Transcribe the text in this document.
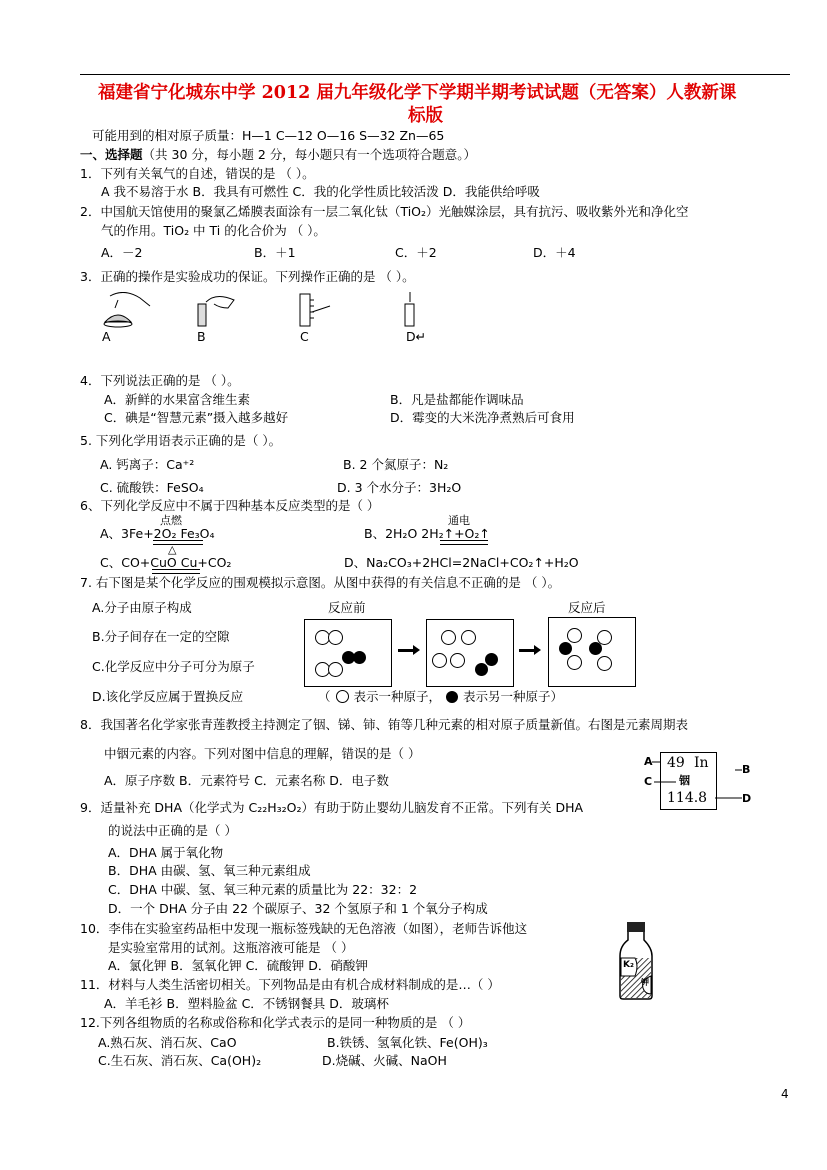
福建省宁化城东中学 2012 届九年级化学下学期半期考试试题（无答案）人教新课
标版
可能用到的相对原子质量：H—1 C—12 O—16 S—32 Zn—65
一、选择题（共 30 分，每小题 2 分，每小题只有一个选项符合题意。）
1．下列有关氧气的自述，错误的是 （ ）。
A 我不易溶于水 B．我具有可燃性 C．我的化学性质比较活泼 D．我能供给呼吸
2．中国航天馆使用的聚氯乙烯膜表面涂有一层二氧化钛（TiO₂）光触媒涂层，具有抗污、吸收紫外光和净化空
气的作用。TiO₂ 中 Ti 的化合价为 （ ）。
A．－2	B．＋1	C．＋2	D．＋4
3．正确的操作是实验成功的保证。下列操作正确的是 （ ）。
A	B	C	D↵
4．下列说法正确的是 （ ）。
A．新鲜的水果富含维生素	B．凡是盐都能作调味品
C．碘是“智慧元素”摄入越多越好	D．霉变的大米洗净煮熟后可食用
5. 下列化学用语表示正确的是（ ）。
A. 钙离子：Ca⁺²	B. 2 个氮原子：N₂
C. 硫酸铁：FeSO₄	D. 3 个水分子：3H₂O
6、下列化学反应中不属于四种基本反应类型的是（ ）
点燃	通电
A、3Fe+2O₂ Fe₃O₄	B、2H₂O 2H₂↑+O₂↑
△
C、CO+CuO Cu+CO₂	D、Na₂CO₃+2HCl=2NaCl+CO₂↑+H₂O
7. 右下图是某个化学反应的围观模拟示意图。从图中获得的有关信息不正确的是 （ ）。
A.分子由原子构成
B.分子间存在一定的空隙
C.化学反应中分子可分为原子
D.该化学反应属于置换反应
反应前	反应后
（ 表示一种原子， 表示另一种原子）
8．我国著名化学家张青莲教授主持测定了铟、锑、铈、铕等几种元素的相对原子质量新值。右图是元素周期表
中铟元素的内容。下列对图中信息的理解，错误的是（ ）
A．原子序数 B．元素符号 C．元素名称 D．电子数
49 In
铟
114.8
A
B
C
D
9．适量补充 DHA（化学式为 C₂₂H₃₂O₂）有助于防止婴幼儿脑发育不正常。下列有关 DHA
的说法中正确的是（ ）
A．DHA 属于氧化物
B．DHA 由碳、氢、氧三种元素组成
C．DHA 中碳、氢、氧三种元素的质量比为 22：32：2
D．一个 DHA 分子由 22 个碳原子、32 个氢原子和 1 个氧分子构成
10．李伟在实验室药品柜中发现一瓶标签残缺的无色溶液（如图），老师告诉他这
是实验室常用的试剂。这瓶溶液可能是 （ ）
A．氯化钾 B．氢氧化钾 C．硫酸钾 D．硝酸钾	K₂
钾
11．材料与人类生活密切相关。下列物品是由有机合成材料制成的是…（ ）
A．羊毛衫 B．塑料脸盆 C．不锈钢餐具 D．玻璃杯
12.下列各组物质的名称或俗称和化学式表示的是同一种物质的是 （ ）
A.熟石灰、消石灰、CaO	B.铁锈、氢氧化铁、Fe(OH)₃
C.生石灰、消石灰、Ca(OH)₂	D.烧碱、火碱、NaOH
4
